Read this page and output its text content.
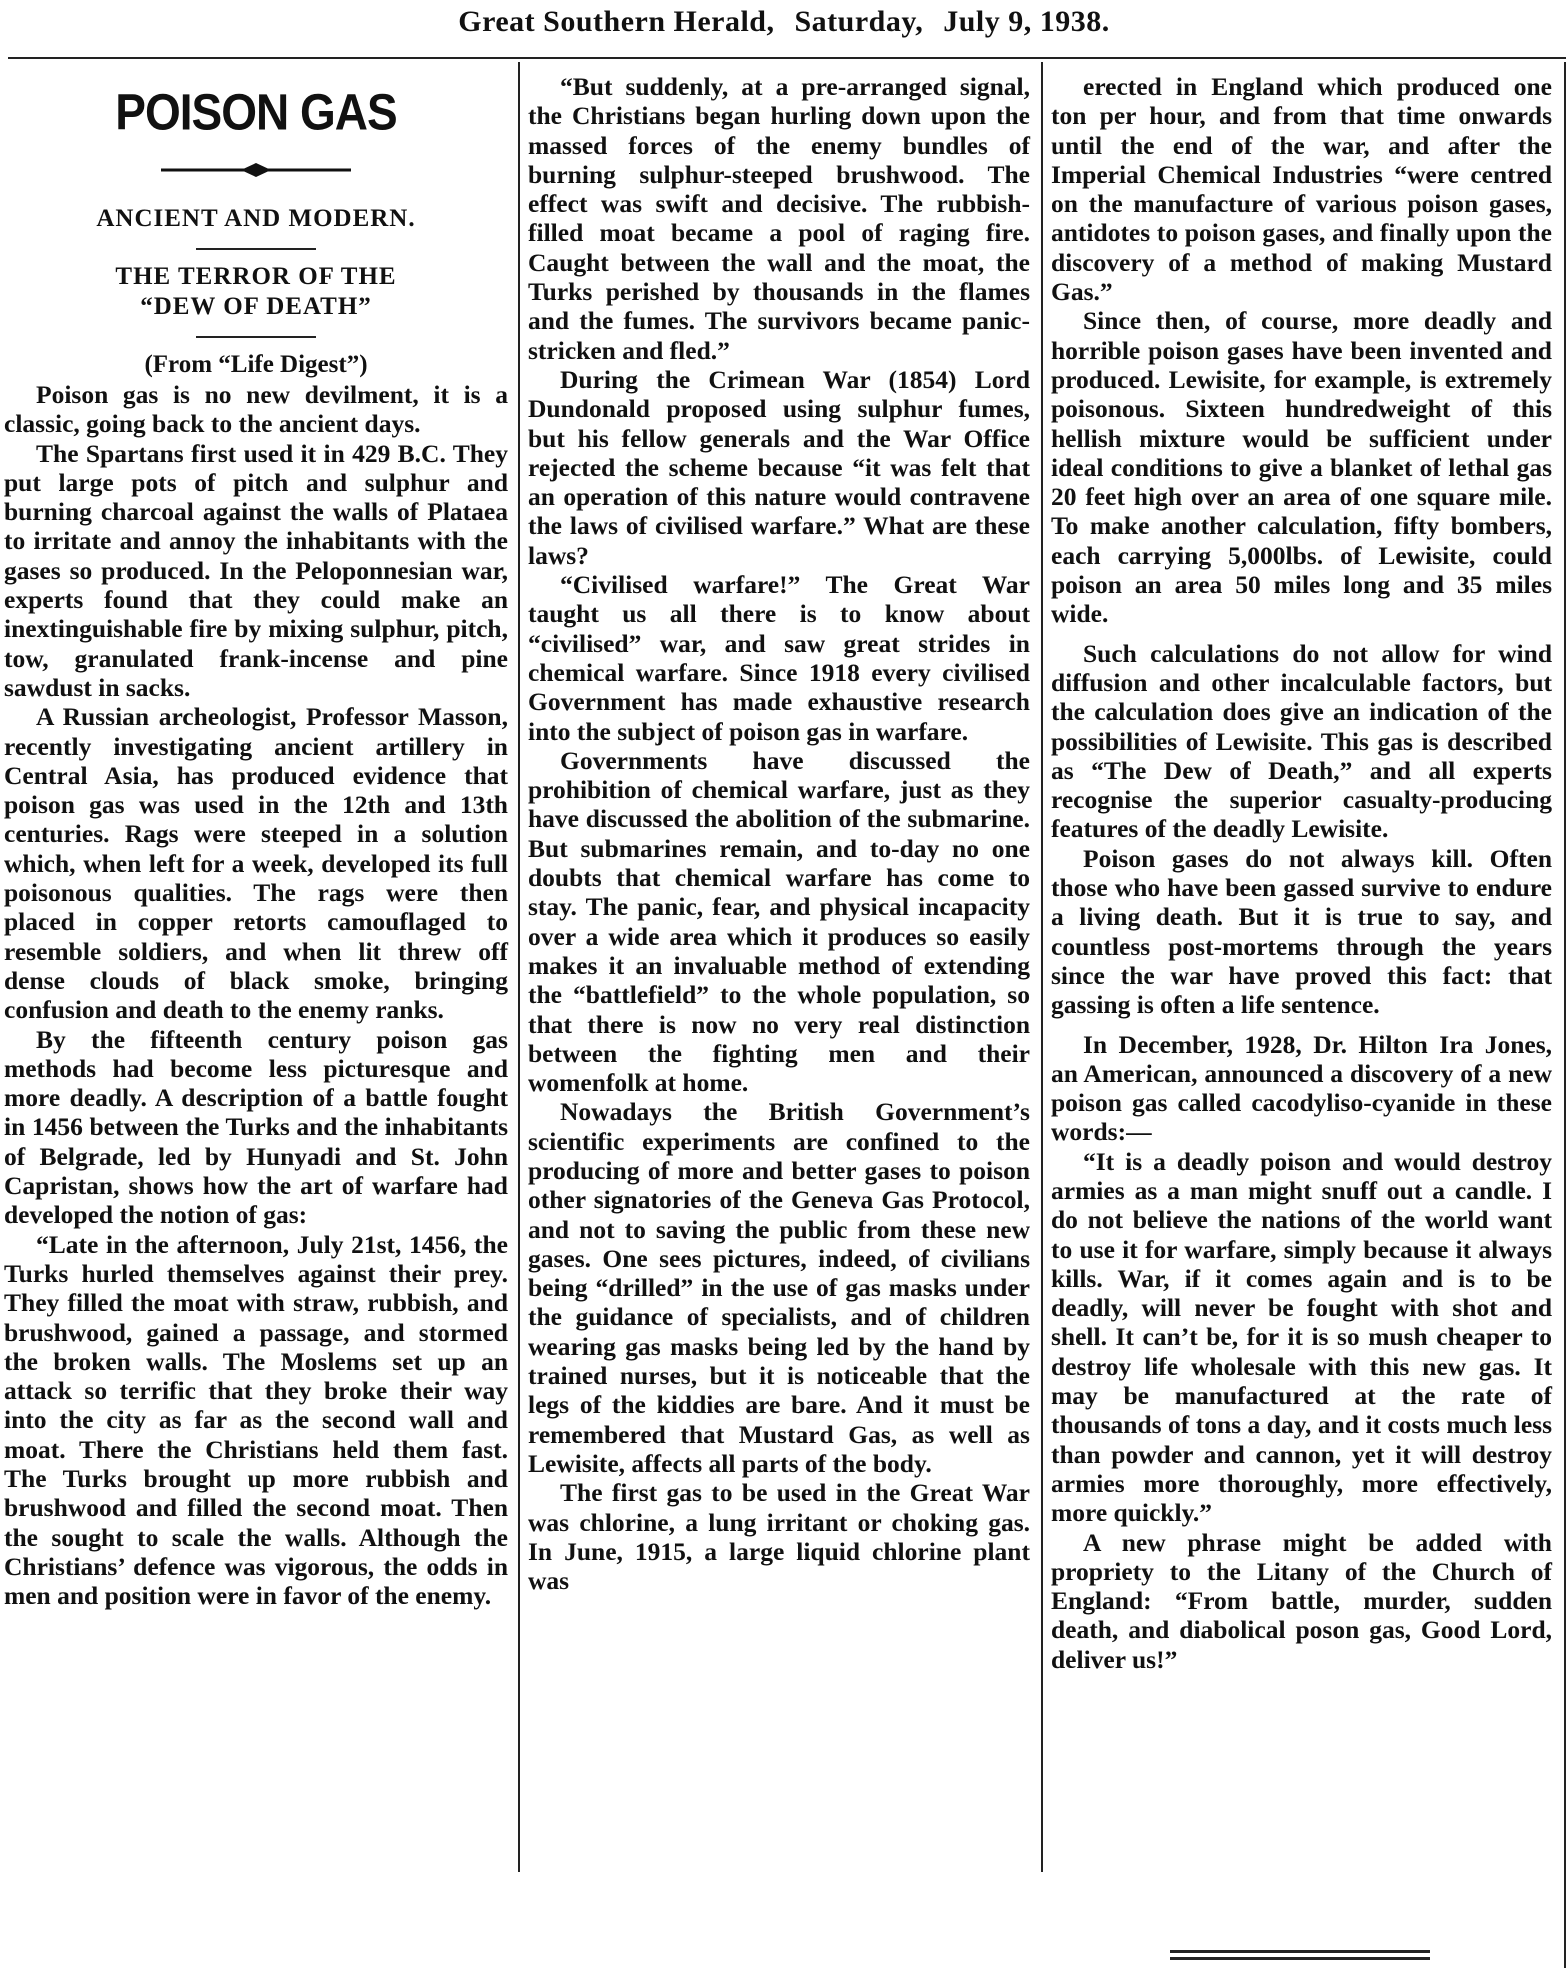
Great Southern Herald, Saturday, July 9, 1938.
POISON GAS
ANCIENT AND MODERN.
THE TERROR OF THE
“DEW OF DEATH”
(From “Life Digest”)

Poison gas is no new devilment, it is a classic, going back to the ancient days.

The Spartans first used it in 429 B.C. They put large pots of pitch and sulphur and burning charcoal against the walls of Plataea to irritate and annoy the inhabitants with the gases so produced. In the Peloponnesian war, experts found that they could make an inextinguishable fire by mixing sulphur, pitch, tow, granulated frank-incense and pine sawdust in sacks.

A Russian archeologist, Professor Masson, recently investigating ancient artillery in Central Asia, has produced evidence that poison gas was used in the 12th and 13th centuries. Rags were steeped in a solution which, when left for a week, developed its full poisonous qualities. The rags were then placed in copper retorts camouflaged to resemble soldiers, and when lit threw off dense clouds of black smoke, bringing confusion and death to the enemy ranks.

By the fifteenth century poison gas methods had become less picturesque and more deadly. A description of a battle fought in 1456 between the Turks and the inhabitants of Belgrade, led by Hunyadi and St. John Capristan, shows how the art of warfare had developed the notion of gas:

“Late in the afternoon, July 21st, 1456, the Turks hurled themselves against their prey. They filled the moat with straw, rubbish, and brushwood, gained a passage, and stormed the broken walls. The Moslems set up an attack so terrific that they broke their way into the city as far as the second wall and moat. There the Christians held them fast. The Turks brought up more rubbish and brushwood and filled the second moat. Then the sought to scale the walls. Although the Christians’ defence was vigorous, the odds in men and position were in favor of the enemy.

“But suddenly, at a pre-arranged signal, the Christians began hurling down upon the massed forces of the enemy bundles of burning sulphur-steeped brushwood. The effect was swift and decisive. The rubbish-filled moat became a pool of raging fire. Caught between the wall and the moat, the Turks perished by thousands in the flames and the fumes. The survivors became panic-stricken and fled.”

During the Crimean War (1854) Lord Dundonald proposed using sulphur fumes, but his fellow generals and the War Office rejected the scheme because “it was felt that an operation of this nature would contravene the laws of civilised warfare.” What are these laws?

“Civilised warfare!” The Great War taught us all there is to know about “civilised” war, and saw great strides in chemical warfare. Since 1918 every civilised Government has made exhaustive research into the subject of poison gas in warfare.

Governments have discussed the prohibition of chemical warfare, just as they have discussed the abolition of the submarine. But submarines remain, and to-day no one doubts that chemical warfare has come to stay. The panic, fear, and physical incapacity over a wide area which it produces so easily makes it an invaluable method of extending the “battlefield” to the whole population, so that there is now no very real distinction between the fighting men and their womenfolk at home.

Nowadays the British Government’s scientific experiments are confined to the producing of more and better gases to poison other signatories of the Geneva Gas Protocol, and not to saving the public from these new gases. One sees pictures, indeed, of civilians being “drilled” in the use of gas masks under the guidance of specialists, and of children wearing gas masks being led by the hand by trained nurses, but it is noticeable that the legs of the kiddies are bare. And it must be remembered that Mustard Gas, as well as Lewisite, affects all parts of the body.

The first gas to be used in the Great War was chlorine, a lung irritant or choking gas. In June, 1915, a large liquid chlorine plant was

erected in England which produced one ton per hour, and from that time onwards until the end of the war, and after the Imperial Chemical Industries “were centred on the manufacture of various poison gases, antidotes to poison gases, and finally upon the discovery of a method of making Mustard Gas.”

Since then, of course, more deadly and horrible poison gases have been invented and produced. Lewisite, for example, is extremely poisonous. Sixteen hundredweight of this hellish mixture would be sufficient under ideal conditions to give a blanket of lethal gas 20 feet high over an area of one square mile. To make another calculation, fifty bombers, each carrying 5,000lbs. of Lewisite, could poison an area 50 miles long and 35 miles wide.

Such calculations do not allow for wind diffusion and other incalculable factors, but the calculation does give an indication of the possibilities of Lewisite. This gas is described as “The Dew of Death,” and all experts recognise the superior casualty-producing features of the deadly Lewisite.

Poison gases do not always kill. Often those who have been gassed survive to endure a living death. But it is true to say, and countless post-mortems through the years since the war have proved this fact: that gassing is often a life sentence.

In December, 1928, Dr. Hilton Ira Jones, an American, announced a discovery of a new poison gas called cacodyliso-cyanide in these words:—

“It is a deadly poison and would destroy armies as a man might snuff out a candle. I do not believe the nations of the world want to use it for warfare, simply because it always kills. War, if it comes again and is to be deadly, will never be fought with shot and shell. It can’t be, for it is so mush cheaper to destroy life wholesale with this new gas. It may be manufactured at the rate of thousands of tons a day, and it costs much less than powder and cannon, yet it will destroy armies more thoroughly, more effectively, more quickly.”

A new phrase might be added with propriety to the Litany of the Church of England: “From battle, murder, sudden death, and diabolical poson gas, Good Lord, deliver us!”
